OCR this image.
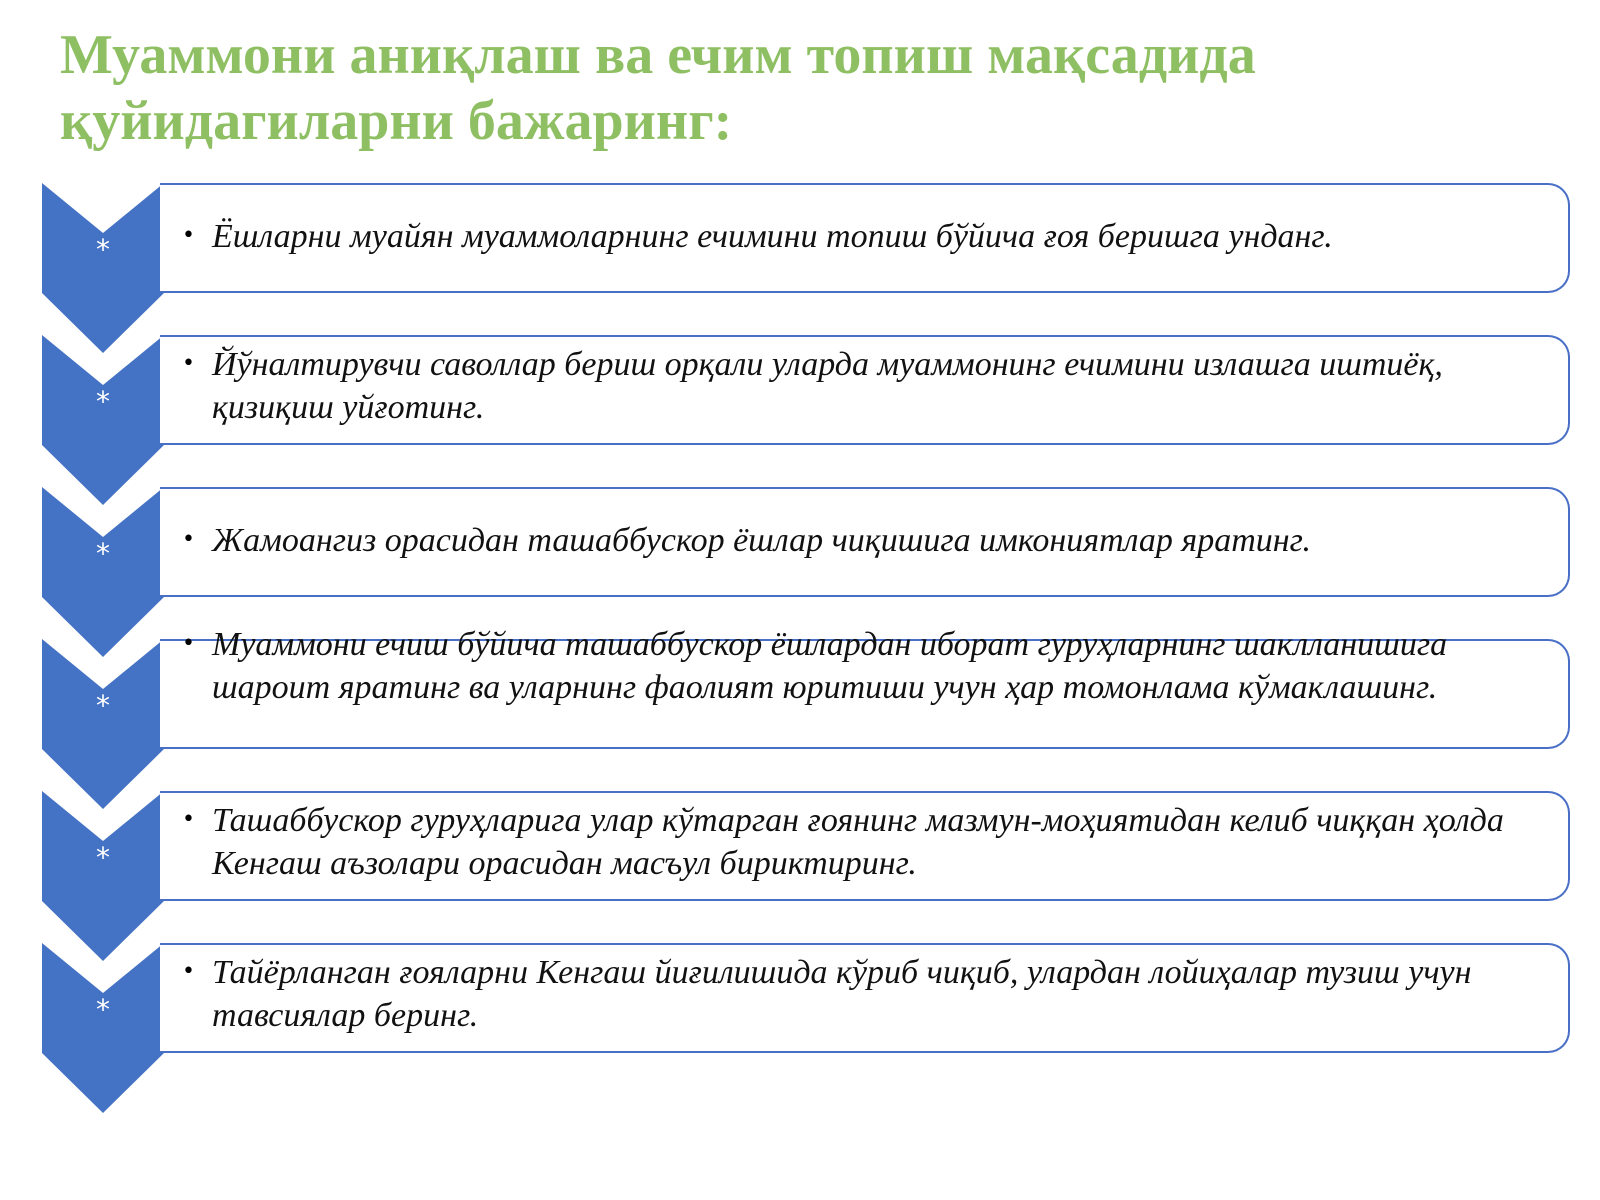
Муаммони аниқлаш ва ечим топиш мақсадида қуйидагиларни бажаринг:
*	• Ёшларни муайян муаммоларнинг ечимини топиш бўйича ғоя беришга ундaнг.
*
• Йўналтирувчи саволлар бериш орқали уларда муаммонинг ечимини излашга иштиёқ, қизиқиш уйғотинг.
*	• Жамоангиз орасидан ташаббускор ёшлар чиқишига имкониятлар яратинг.
*
• Муаммони ечиш бўйича ташаббускор ёшлардан иборат гуруҳларнинг шаклланишига шароит яратинг ва уларнинг фаолият юритиши учун ҳар томонлама кўмаклашинг.
*
• Ташаббускор гуруҳларига улар кўтарган ғоянинг мазмун-моҳиятидан келиб чиққан ҳолда Кенгаш аъзолари орасидан масъул бириктиринг.
*
• Тайёрланган ғояларни Кенгаш йиғилишида кўриб чиқиб, улардан лойиҳалар тузиш учун тавсиялар беринг.
